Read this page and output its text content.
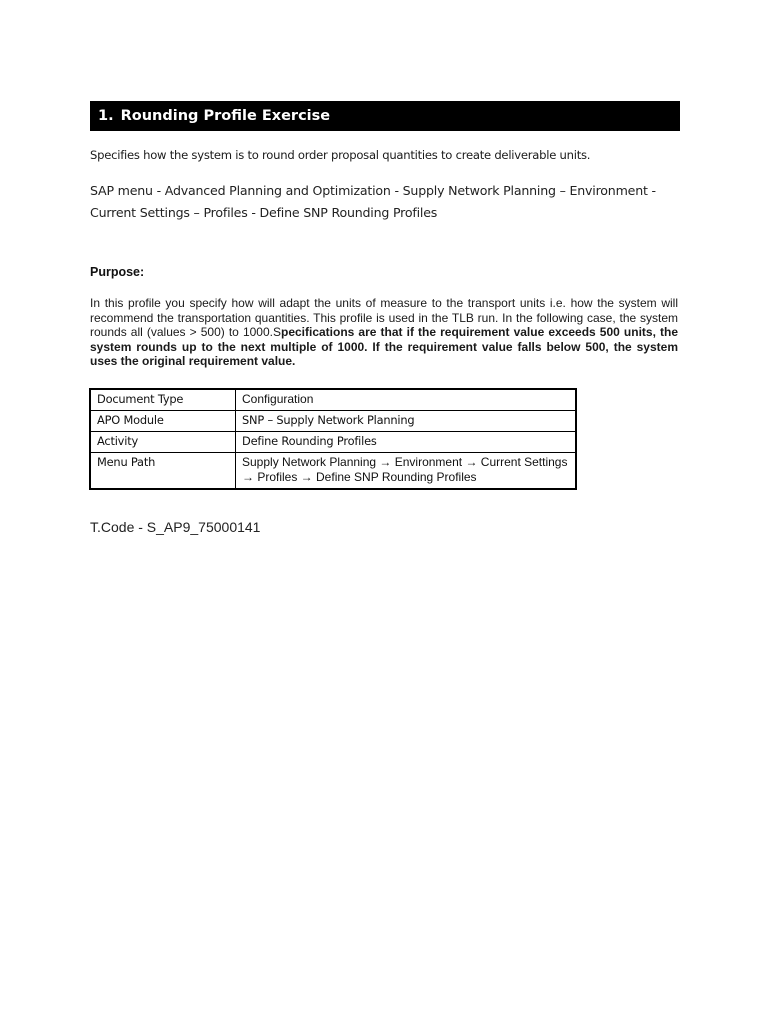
1. Rounding Profile Exercise
Specifies how the system is to round order proposal quantities to create deliverable units.
SAP menu - Advanced Planning and Optimization - Supply Network Planning – Environment -
Current Settings – Profiles - Define SNP Rounding Profiles
Purpose:
In this profile you specify how will adapt the units of measure to the transport units i.e. how the system will recommend the transportation quantities. This profile is used in the TLB run. In the following case, the system rounds all (values > 500) to 1000.Specifications are that if the requirement value exceeds 500 units, the system rounds up to the next multiple of 1000. If the requirement value falls below 500, the system uses the original requirement value.
Document Type	Configuration
APO Module	SNP – Supply Network Planning
Activity	Define Rounding Profiles
Menu Path	Supply Network Planning → Environment → Current Settings
→ Profiles → Define SNP Rounding Profiles
T.Code - S_AP9_75000141
